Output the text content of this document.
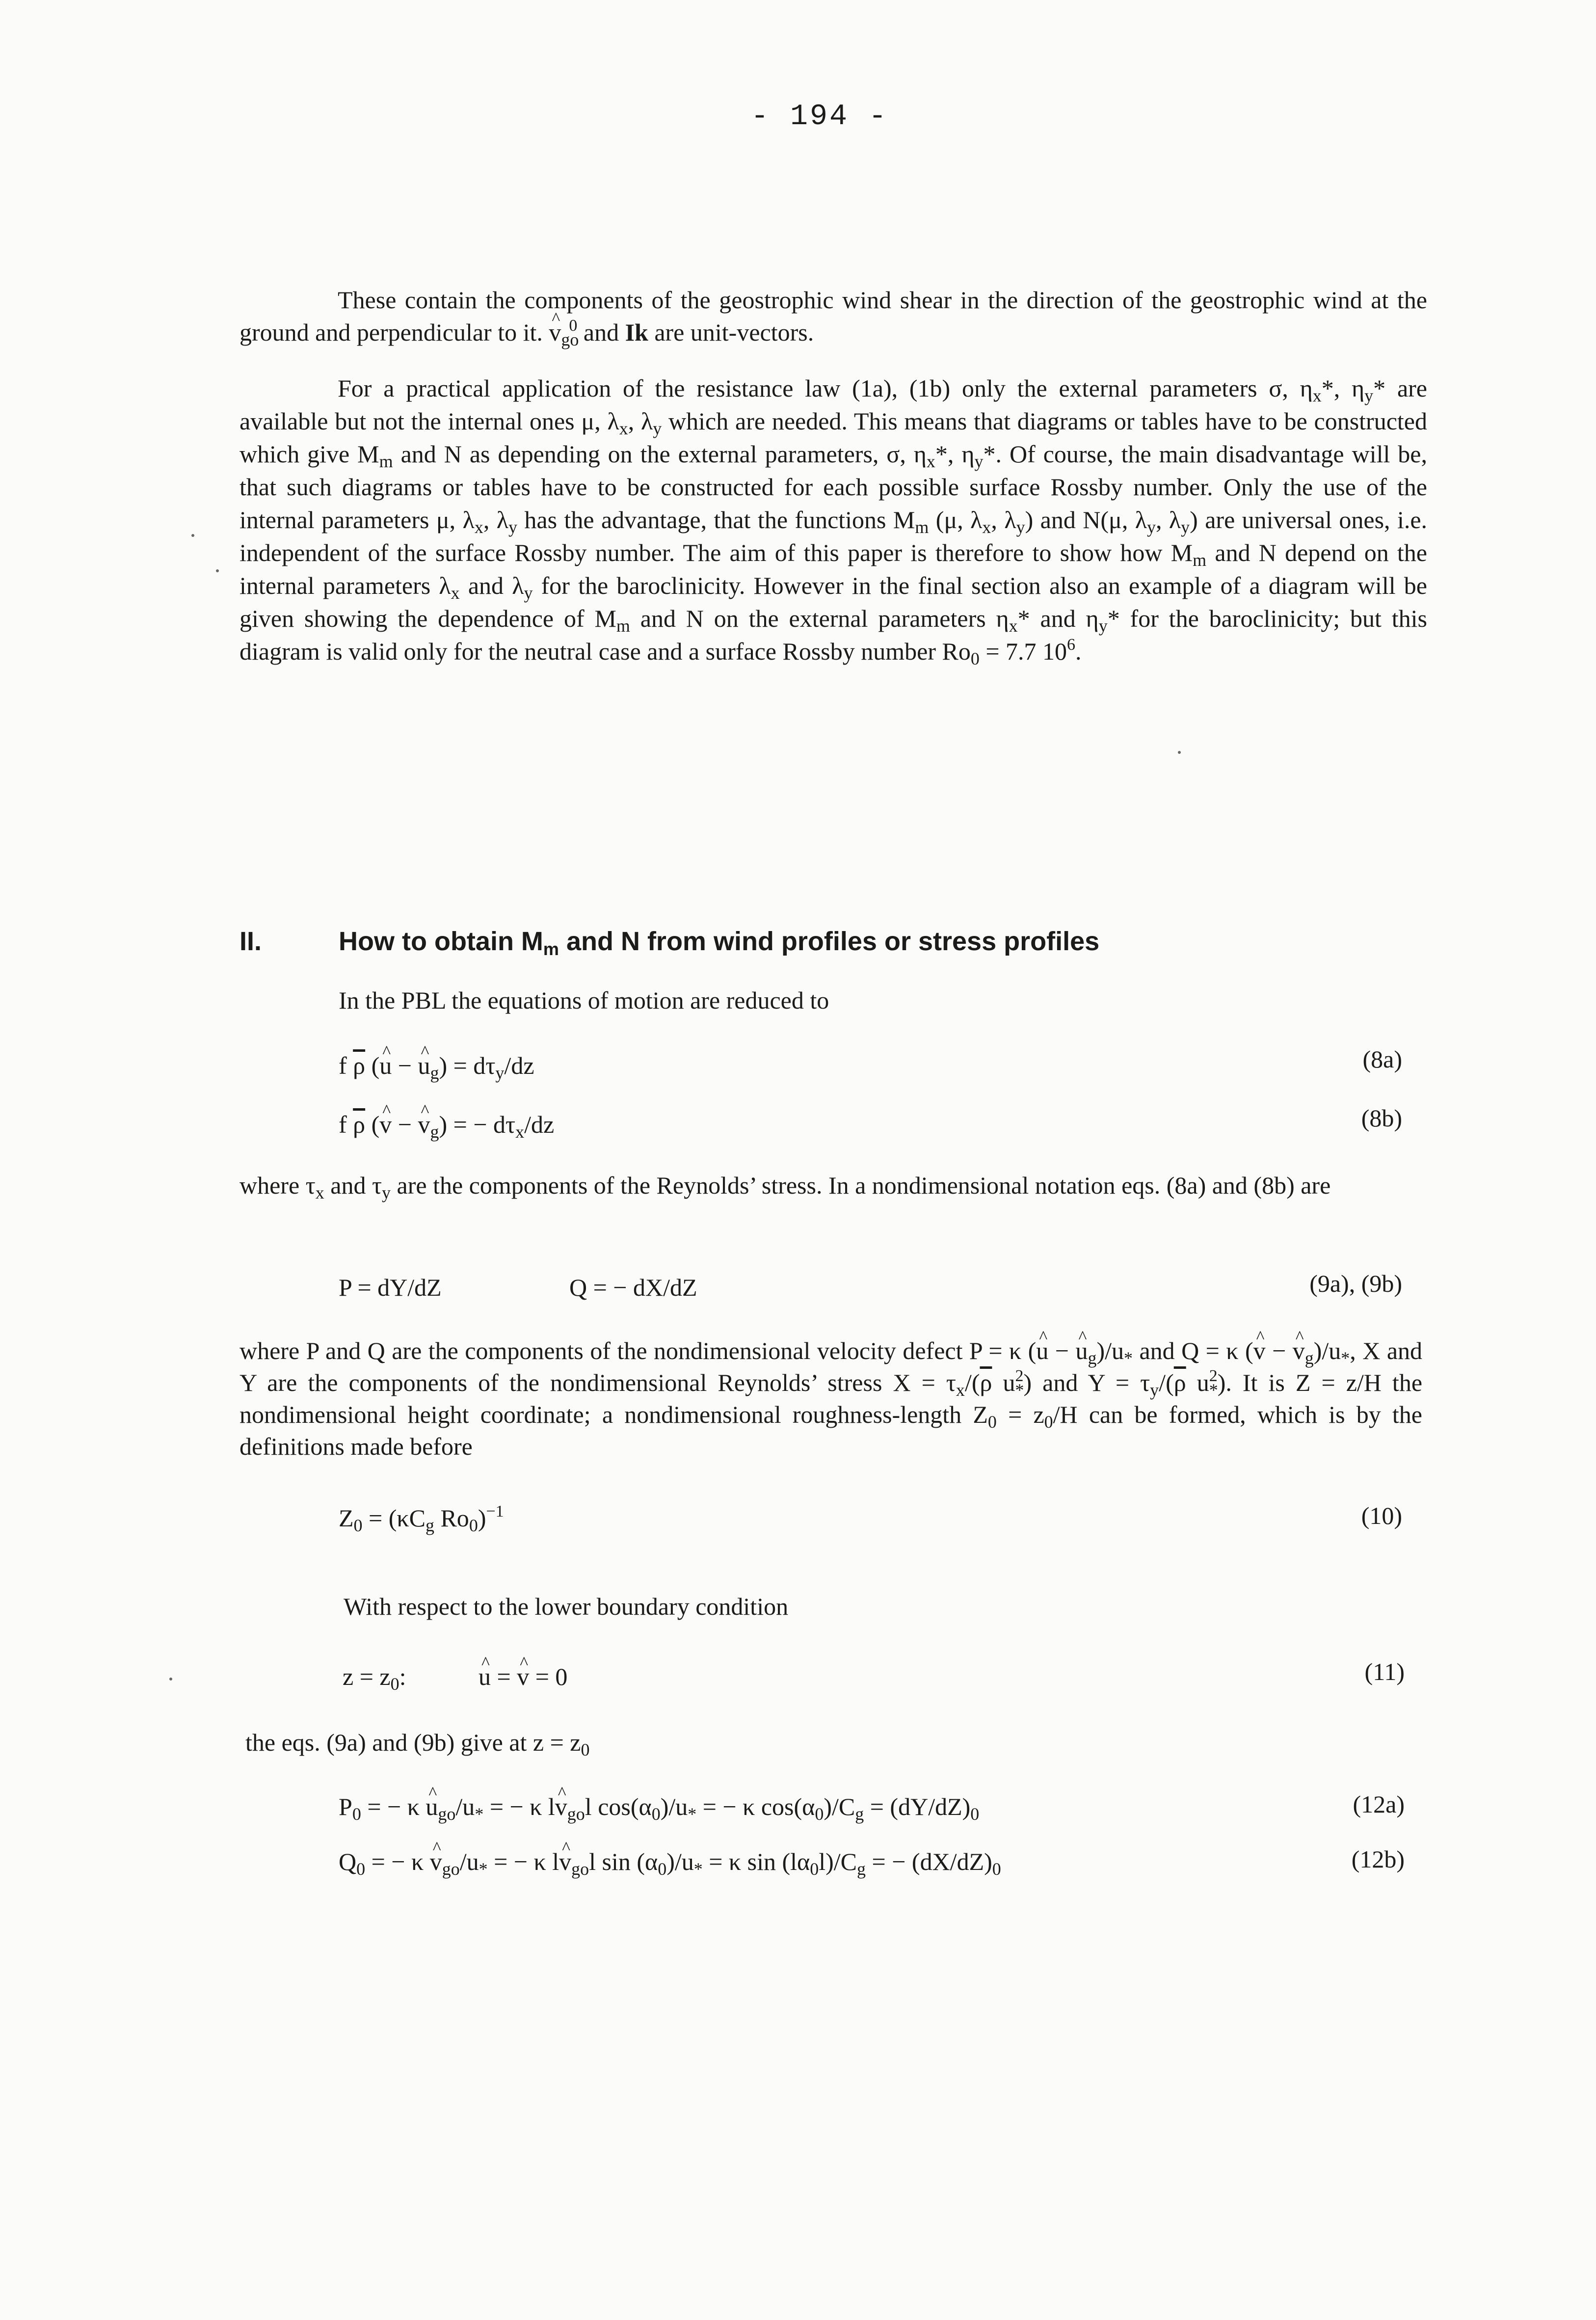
- 194 -
These contain the components of the geostrophic wind shear in the direction of the geostrophic wind at the ground and perpendicular to it. ^ $v_{go}^0$ and Ik are unit-vectors.
For a practical application of the resistance law (1a), (1b) only the external parameters σ, $\eta_x*$, $\eta_y*$ are available but not the internal ones μ, $\lambda_x$, $\lambda_y$ which are needed. This means that diagrams or tables have to be constructed which give $M_m$ and N as depending on the external parameters, σ, $\eta_x*$, $\eta_y*$. Of course, the main disadvantage will be, that such diagrams or tables have to be constructed for each possible surface Rossby number. Only the use of the internal parameters μ, $\lambda_x$, $\lambda_y$ has the advantage, that the functions $M_m$ (μ, $\lambda_x$, $\lambda_y$) and N(μ, $\lambda_y$, $\lambda_y$) are universal ones, i.e. independent of the surface Rossby number. The aim of this paper is therefore to show how $M_m$ and N depend on the internal parameters $\lambda_x$ and $\lambda_y$ for the baroclinicity. However in the final section also an example of a diagram will be given showing the dependence of $M_m$ and N on the external parameters $\eta_x*$ and $\eta_y*$ for the baroclinicity; but this diagram is valid only for the neutral case and a surface Rossby number $Ro_0 = 7.7$ $10^6$.
II.	How to obtain $M_m$ and N from wind profiles or stress profiles
In the PBL the equations of motion are reduced to
f $\overline{\rho}$ (^ u − ^ $u_g) = d\tau_y/dz$	(8a)
f $\overline{\rho}$ (^ v − ^ $v_g$) = − $d\tau_x/dz$	(8b)
where $\tau_x$ and $\tau_y$ are the components of the Reynolds’ stress. In a nondimensional notation eqs. (8a) and (8b) are
P = dY/dZ	Q = − dX/dZ	(9a), (9b)
where P and Q are the components of the nondimensional velocity defect P = κ (^ u − ^ $u_g)/u_*$ and Q = κ (^ v − ^ $v_g)/u_*$, X and Y are the components of the nondimensional Reynolds’ stress $X = \tau_x/(\overline{\rho}$ $u_*^2$) and $Y = \tau_y/(\overline{\rho}$ $u_*^2$). It is Z = z/H the nondimensional height coordinate; a nondimensional roughness-length $Z_0 = z_0/H$ can be formed, which is by the definitions made before
$Z_0 = (\kappa C_g$ $Ro_0)^{-1}$	(10)
With respect to the lower boundary condition
$z = z_0$:	^ u = ^ v = 0	(11)
the eqs. (9a) and (9b) give at $z = z_0$
$P_0$ = − κ ^ $u_{go}/u_*$ = − κ l^ $v_{go}l$ $\cos(\alpha_0)/u_*$ = − κ $\cos(\alpha_0)/C_g = (dY/dZ)_0$	(12a)
$Q_0$ = − κ ^ $v_{go}/u_*$ = − κ l^ $v_{go}l$ $\sin (\alpha_0)/u_* = \kappa$ $\sin (l\alpha_0l)/C_g$ = − $(dX/dZ)_0$	(12b)
